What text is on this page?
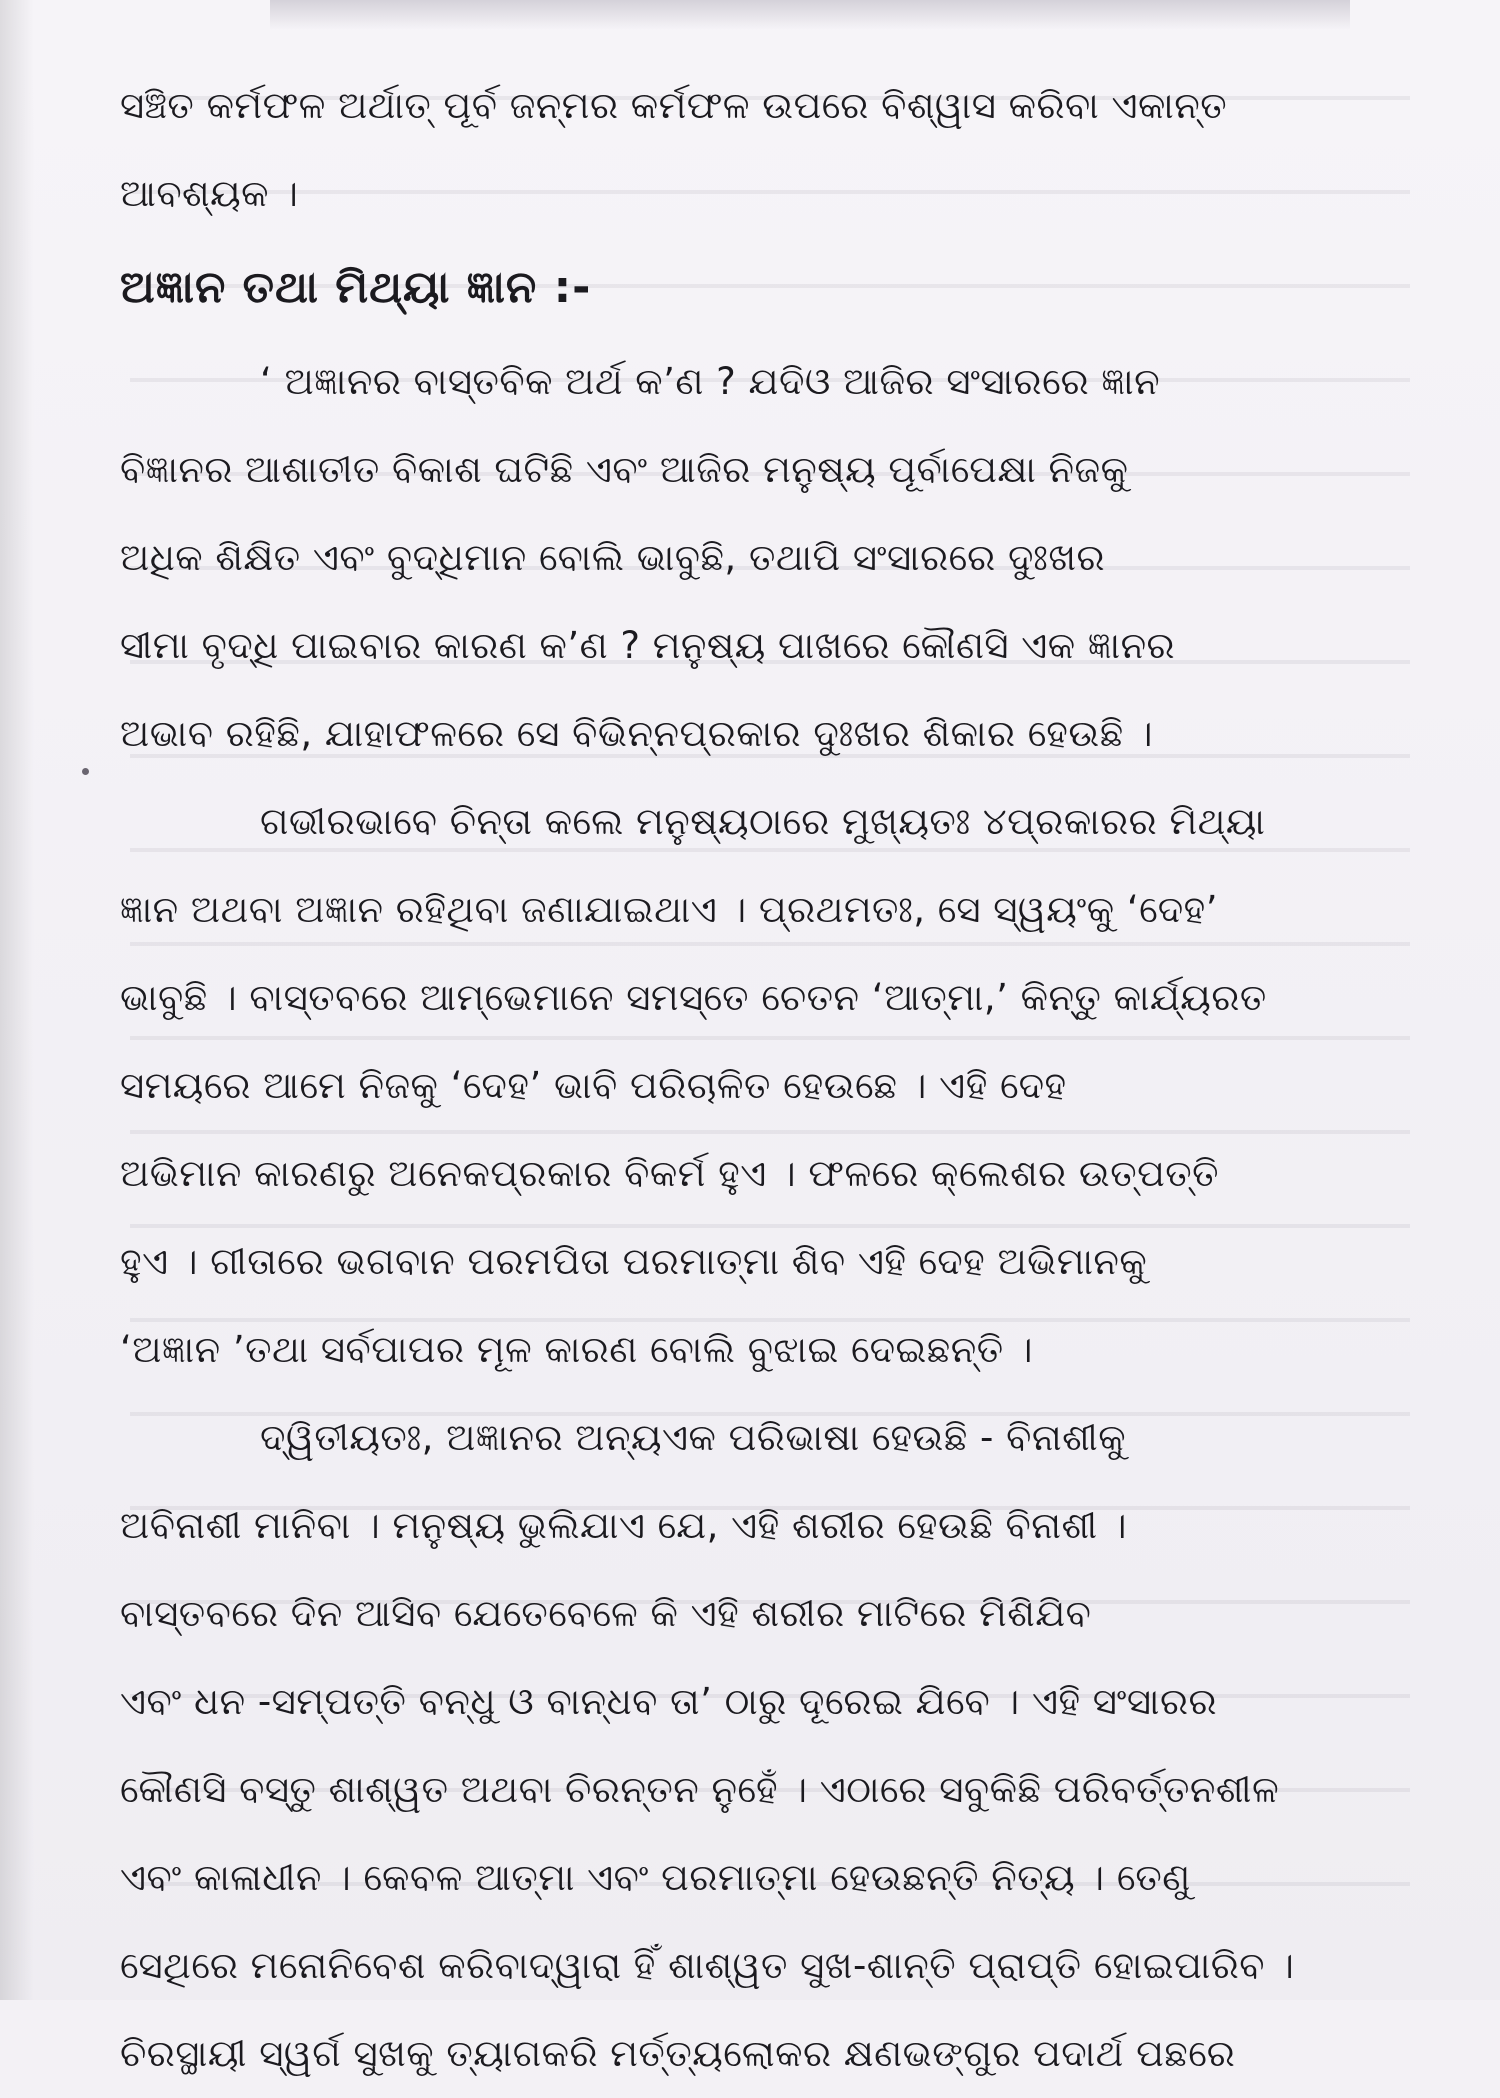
ସଞ୍ଚିତ କର୍ମଫଳ ଅର୍ଥାତ୍ ପୂର୍ବ ଜନ୍ମର କର୍ମଫଳ ଉପରେ ବିଶ୍ୱାସ କରିବା ଏକାନ୍ତ
ଆବଶ୍ୟକ ।
ଅଜ୍ଞାନ ତଥା ମିଥ୍ୟା ଜ୍ଞାନ :-
‘ ଅଜ୍ଞାନର ବାସ୍ତବିକ ଅର୍ଥ କ’ଣ ? ଯଦିଓ ଆଜିର ସଂସାରରେ ଜ୍ଞାନ
ବିଜ୍ଞାନର ଆଶାତୀତ ବିକାଶ ଘଟିଛି ଏବଂ ଆଜିର ମନୁଷ୍ୟ ପୂର୍ବାପେକ୍ଷା ନିଜକୁ
ଅଧିକ ଶିକ୍ଷିତ ଏବଂ ବୁଦ୍ଧିମାନ ବୋଲି ଭାବୁଛି, ତଥାପି ସଂସାରରେ ଦୁଃଖର
ସୀମା ବୃଦ୍ଧି ପାଇବାର କାରଣ କ’ଣ ? ମନୁଷ୍ୟ ପାଖରେ କୌଣସି ଏକ ଜ୍ଞାନର
ଅଭାବ ରହିଛି, ଯାହାଫଳରେ ସେ ବିଭିନ୍ନପ୍ରକାର ଦୁଃଖର ଶିକାର ହେଉଛି ।
ଗଭୀରଭାବେ ଚିନ୍ତା କଲେ ମନୁଷ୍ୟଠାରେ ମୁଖ୍ୟତଃ ୪ପ୍ରକାରର ମିଥ୍ୟା
ଜ୍ଞାନ ଅଥବା ଅଜ୍ଞାନ ରହିଥିବା ଜଣାଯାଇଥାଏ । ପ୍ରଥମତଃ, ସେ ସ୍ୱୟଂକୁ ‘ଦେହ’
ଭାବୁଛି । ବାସ୍ତବରେ ଆମ୍ଭେମାନେ ସମସ୍ତେ ଚେତନ ‘ଆତ୍ମା,’ କିନ୍ତୁ କାର୍ଯ୍ୟରତ
ସମୟରେ ଆମେ ନିଜକୁ ‘ଦେହ’ ଭାବି ପରିଚାଳିତ ହେଉଛେ । ଏହି ଦେହ
ଅଭିମାନ କାରଣରୁ ଅନେକପ୍ରକାର ବିକର୍ମ ହୁଏ । ଫଳରେ କ୍ଲେଶର ଉତ୍ପତ୍ତି
ହୁଏ । ଗୀତାରେ ଭଗବାନ ପରମପିତା ପରମାତ୍ମା ଶିବ ଏହି ଦେହ ଅଭିମାନକୁ
‘ଅଜ୍ଞାନ ’ତଥା ସର୍ବପାପର ମୂଳ କାରଣ ବୋଲି ବୁଝାଇ ଦେଇଛନ୍ତି ।
ଦ୍ୱିତୀୟତଃ, ଅଜ୍ଞାନର ଅନ୍ୟଏକ ପରିଭାଷା ହେଉଛି - ବିନାଶୀକୁ
ଅବିନାଶୀ ମାନିବା । ମନୁଷ୍ୟ ଭୁଲିଯାଏ ଯେ, ଏହି ଶରୀର ହେଉଛି ବିନାଶୀ ।
ବାସ୍ତବରେ ଦିନ ଆସିବ ଯେତେବେଳେ କି ଏହି ଶରୀର ମାଟିରେ ମିଶିଯିବ
ଏବଂ ଧନ -ସମ୍ପତ୍ତି ବନ୍ଧୁ ଓ ବାନ୍ଧବ ତା’ ଠାରୁ ଦୂରେଇ ଯିବେ । ଏହି ସଂସାରର
କୌଣସି ବସ୍ତୁ ଶାଶ୍ୱତ ଅଥବା ଚିରନ୍ତନ ନୁହେଁ । ଏଠାରେ ସବୁକିଛି ପରିବର୍ତ୍ତନଶୀଳ
ଏବଂ କାଳାଧୀନ । କେବଳ ଆତ୍ମା ଏବଂ ପରମାତ୍ମା ହେଉଛନ୍ତି ନିତ୍ୟ । ତେଣୁ
ସେଥିରେ ମନୋନିବେଶ କରିବାଦ୍ୱାରା ହିଁ ଶାଶ୍ୱତ ସୁଖ-ଶାନ୍ତି ପ୍ରାପ୍ତି ହୋଇପାରିବ ।
ଚିରସ୍ଥାୟୀ ସ୍ୱର୍ଗ ସୁଖକୁ ତ୍ୟାଗକରି ମର୍ତ୍ତ୍ୟଲୋକର କ୍ଷଣଭଙ୍ଗୁର ପଦାର୍ଥ ପଛରେ
